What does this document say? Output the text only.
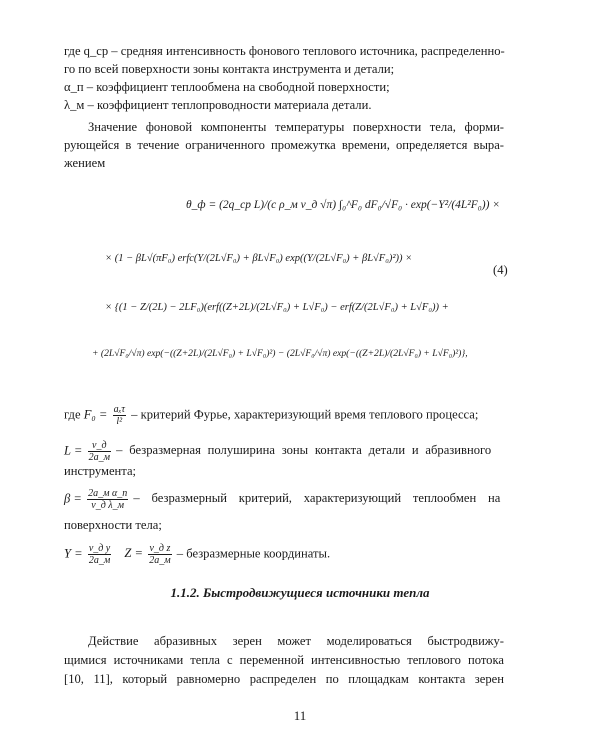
где q_ср – средняя интенсивность фонового теплового источника, распределенно-
го по всей поверхности зоны контакта инструмента и детали;
α_п – коэффициент теплообмена на свободной поверхности;
λ_м – коэффициент теплопроводности материала детали.
Значение фоновой компоненты температуры поверхности тела, форми-
рующейся в течение ограниченного промежутка времени, определяется выра-
жением
θ_ф = (2q_ср L)/(c ρ_м v_д √π) ∫₀^F₀ dF₀/√F₀ · exp(−Y²/(4L²F₀)) ×
× (1 − βL√(πF₀) erfc(Y/(2L√F₀) + βL√F₀) exp((Y/(2L√F₀) + βL√F₀)²)) ×
× {(1 − Z/(2L) − 2LF₀)(erf((Z+2L)/(2L√F₀) + L√F₀) − erf(Z/(2L√F₀) + L√F₀)) +
+ (2L√F₀/√π) exp(−((Z+2L)/(2L√F₀) + L√F₀)²) − (2L√F₀/√π) exp(−((Z+2L)/(2L√F₀) + L√F₀)²)},
(4)
где $F_0 = \frac{\text{aₓτ}}{\text{l²}}$ – критерий Фурье, характеризующий время теплового процесса;
$L = \frac{v\_д}{2a\_м}$ – безразмерная полуширина зоны контакта детали и абразивного
инструмента;
$\beta = \frac{\text{2a\_м α\_п}}{\text{v\_д λ\_м}}$ – безразмерный критерий, характеризующий теплообмен на
поверхности тела;
$Y = \frac{\text{v\_д y}}{2a\_м}$ $Z = \frac{\text{v\_д z}}{2a\_м}$ – безразмерные координаты.
1.1.2. Быстродвижущиеся источники тепла
Действие абразивных зерен может моделироваться быстродвижу-
щимися источниками тепла с переменной интенсивностью теплового потока
[10, 11], который равномерно распределен по площадкам контакта зерен
11
